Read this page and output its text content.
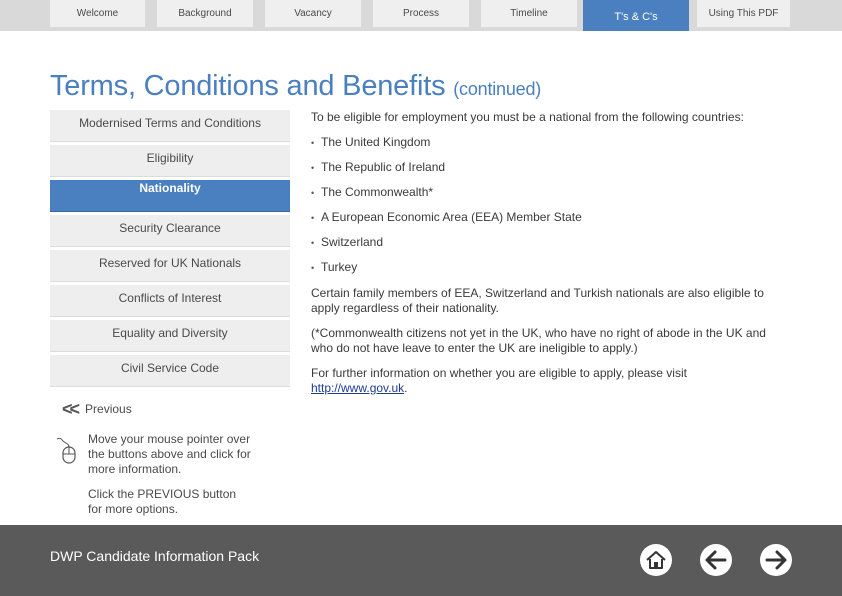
Welcome	Background	Vacancy	Process	Timeline	T's & C's	Using This PDF
Terms, Conditions and Benefits (continued)
Modernised Terms and Conditions
Eligibility
Nationality
Security Clearance
Reserved for UK Nationals
Conflicts of Interest
Equality and Diversity
Civil Service Code
<< Previous
Move your mouse pointer over the buttons above and click for more information.
Click the PREVIOUS button for more options.
To be eligible for employment you must be a national from the following countries:
• The United Kingdom
• The Republic of Ireland
• The Commonwealth*
• A European Economic Area (EEA) Member State
• Switzerland
• Turkey
Certain family members of EEA, Switzerland and Turkish nationals are also eligible to apply regardless of their nationality.
(*Commonwealth citizens not yet in the UK, who have no right of abode in the UK and who do not have leave to enter the UK are ineligible to apply.)
For further information on whether you are eligible to apply, please visit http://www.gov.uk.
DWP Candidate Information Pack
